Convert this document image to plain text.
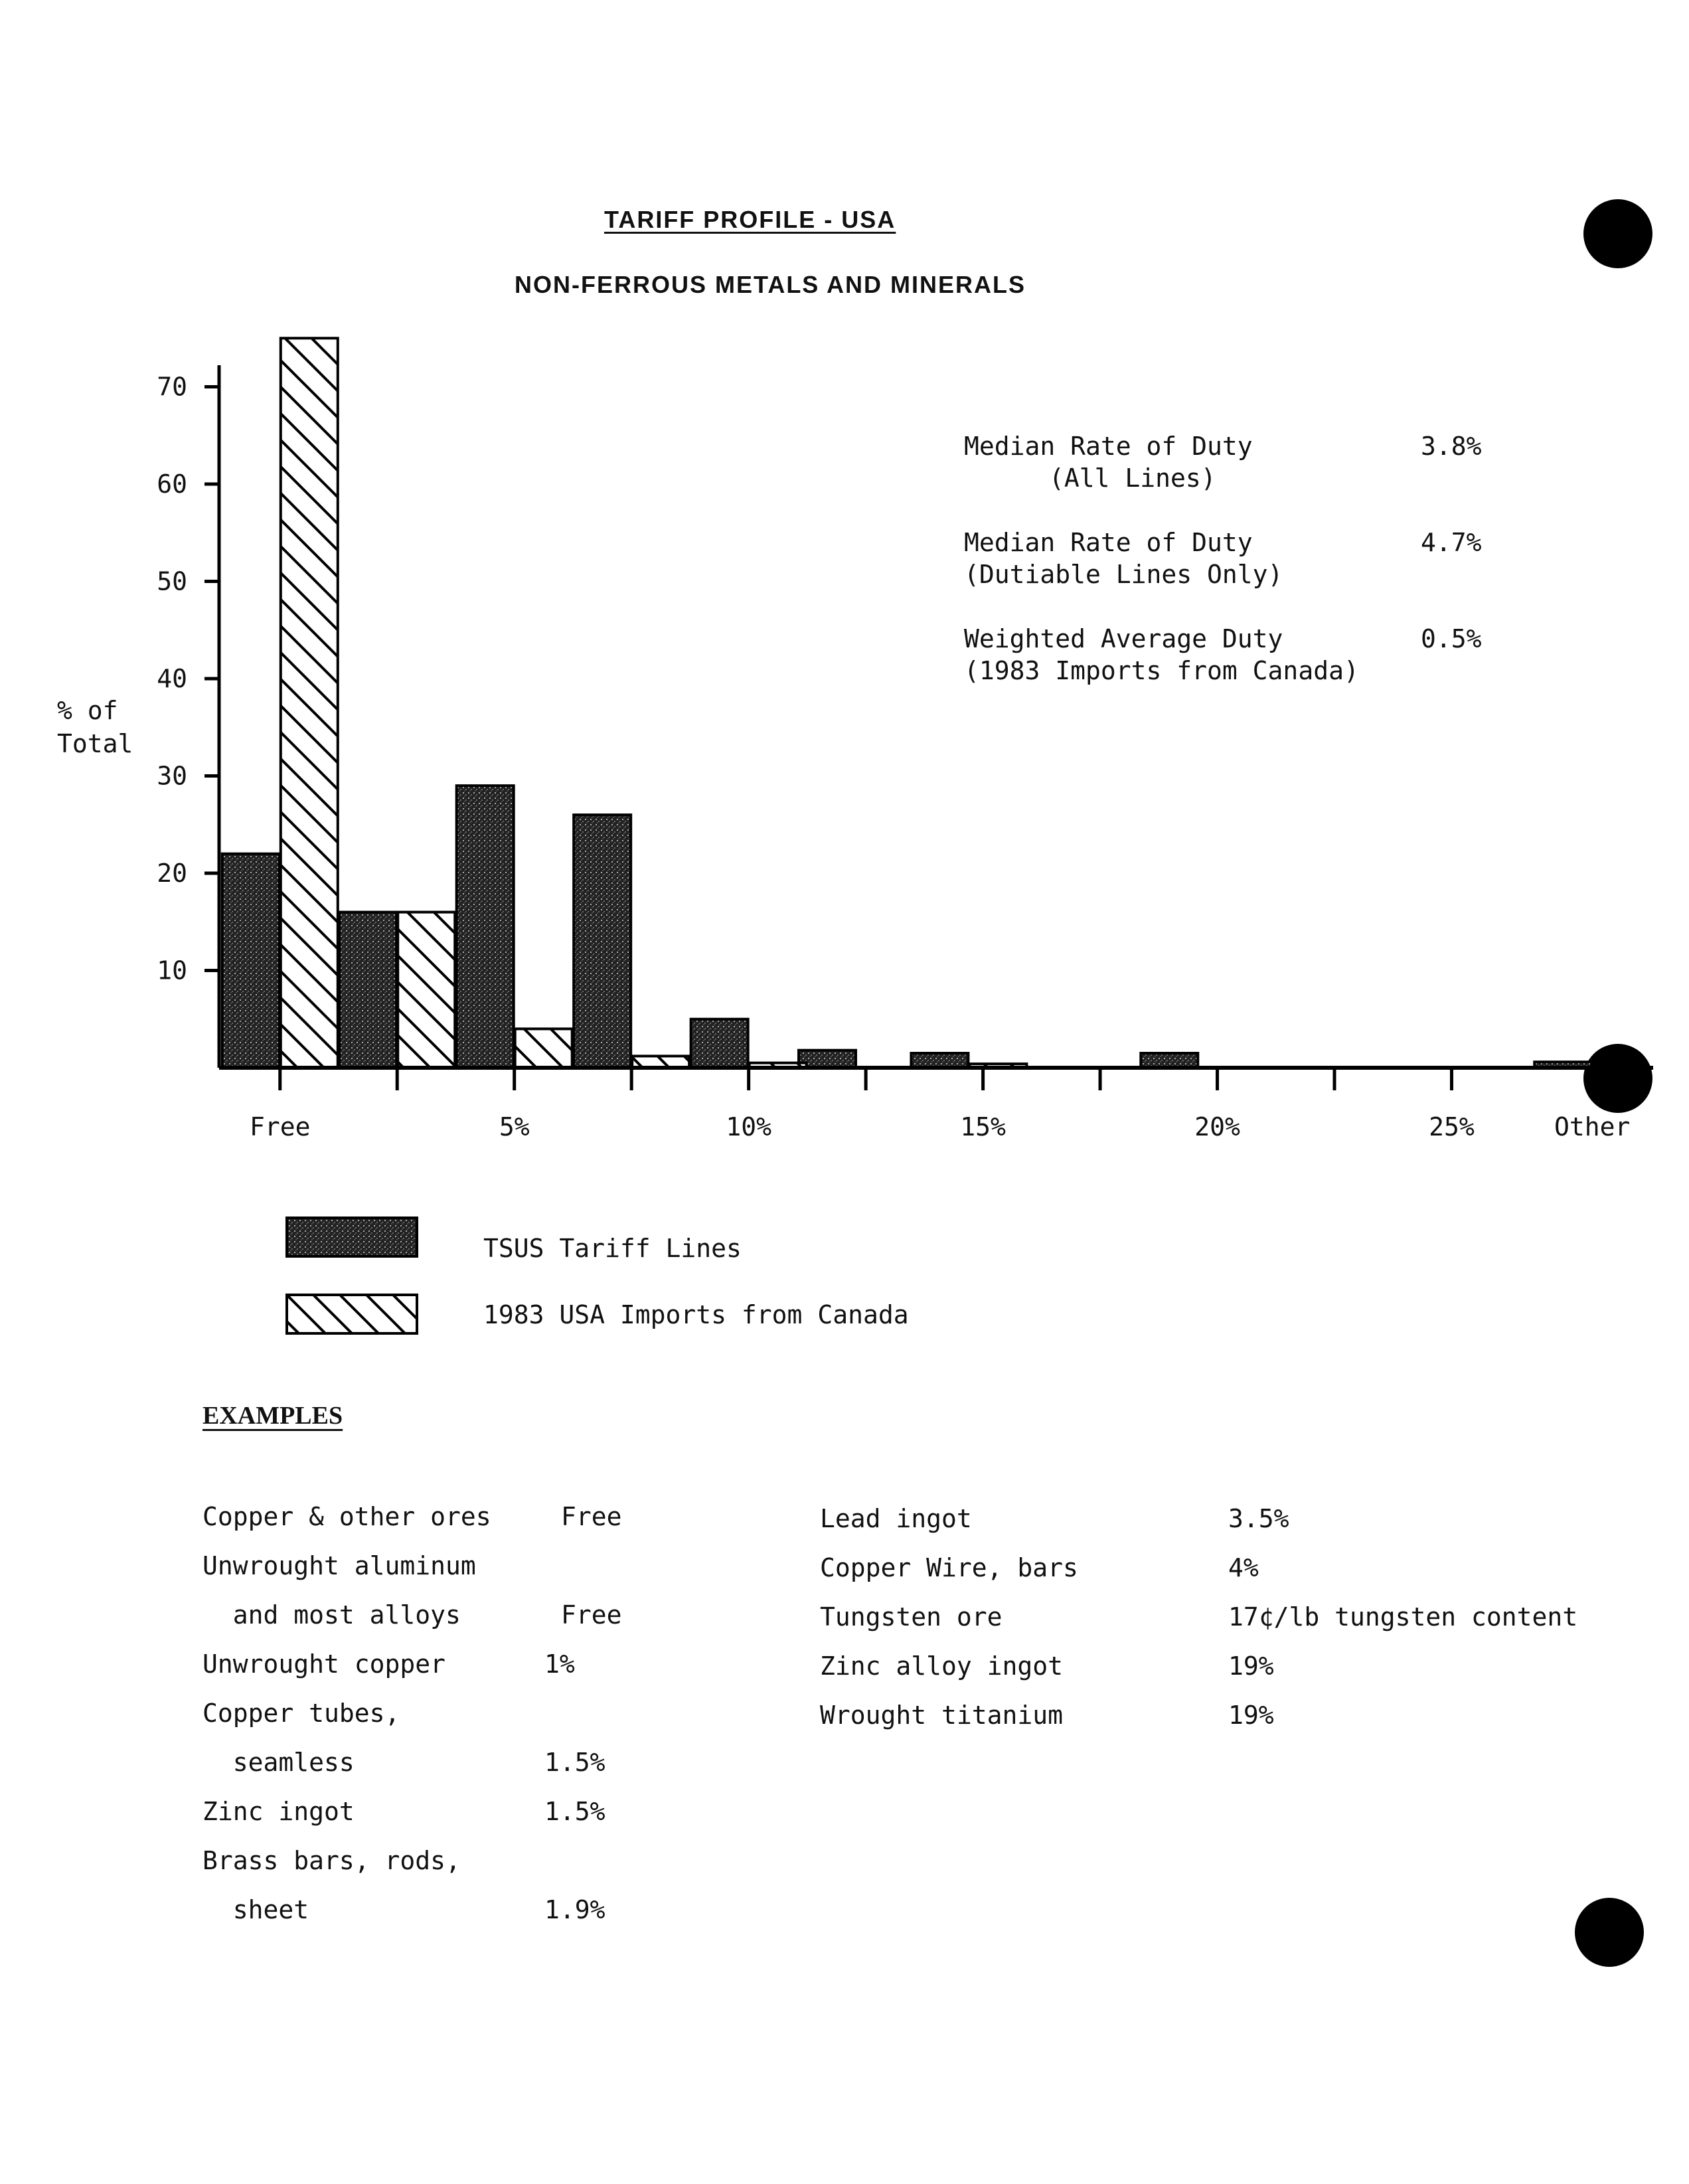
TARIFF PROFILE - USA
NON-FERROUS METALS AND MINERALS
10
20
30
40
50
60
70
Free	5%	10%	15%	20%	25%	Other
% of
Total
Median Rate of Duty
(All Lines)
3.8%
Median Rate of Duty
(Dutiable Lines Only)
4.7%
Weighted Average Duty
(1983 Imports from Canada)
0.5%
TSUS Tariff Lines
1983 USA Imports from Canada
EXAMPLES
Copper & other ores	Free
Unwrought aluminum
and most alloys	Free
Unwrought copper	1%
Copper tubes,
seamless	1.5%
Zinc ingot	1.5%
Brass bars, rods,
sheet	1.9%
Lead ingot	3.5%
Copper Wire, bars	4%
Tungsten ore	17¢/lb tungsten content
Zinc alloy ingot	19%
Wrought titanium	19%
